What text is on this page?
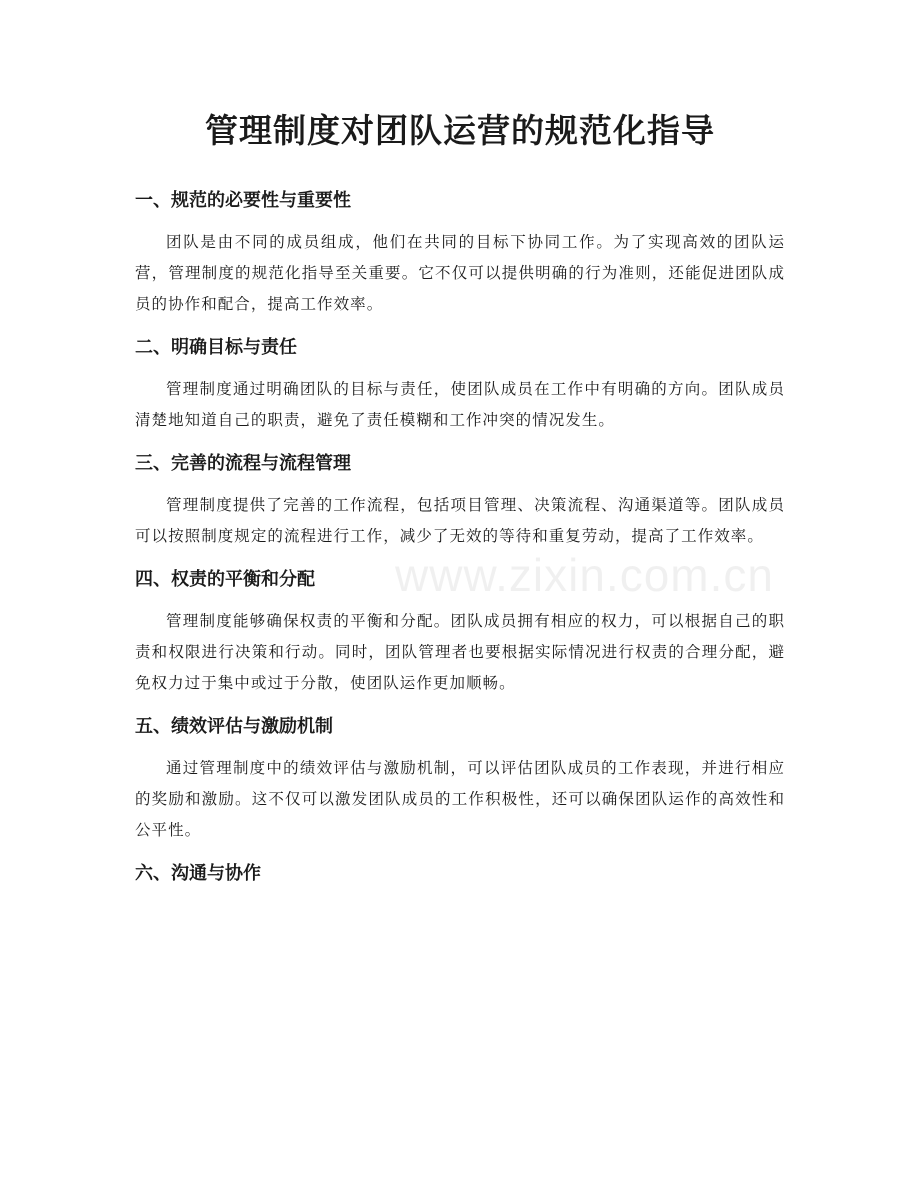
管理制度对团队运营的规范化指导
www.zixin.com.cn
一、规范的必要性与重要性

团队是由不同的成员组成，他们在共同的目标下协同工作。为了实现高效的团队运营，管理制度的规范化指导至关重要。它不仅可以提供明确的行为准则，还能促进团队成员的协作和配合，提高工作效率。

二、明确目标与责任

管理制度通过明确团队的目标与责任，使团队成员在工作中有明确的方向。团队成员清楚地知道自己的职责，避免了责任模糊和工作冲突的情况发生。

三、完善的流程与流程管理

管理制度提供了完善的工作流程，包括项目管理、决策流程、沟通渠道等。团队成员可以按照制度规定的流程进行工作，减少了无效的等待和重复劳动，提高了工作效率。

四、权责的平衡和分配

管理制度能够确保权责的平衡和分配。团队成员拥有相应的权力，可以根据自己的职责和权限进行决策和行动。同时，团队管理者也要根据实际情况进行权责的合理分配，避免权力过于集中或过于分散，使团队运作更加顺畅。

五、绩效评估与激励机制

通过管理制度中的绩效评估与激励机制，可以评估团队成员的工作表现，并进行相应的奖励和激励。这不仅可以激发团队成员的工作积极性，还可以确保团队运作的高效性和公平性。

六、沟通与协作
